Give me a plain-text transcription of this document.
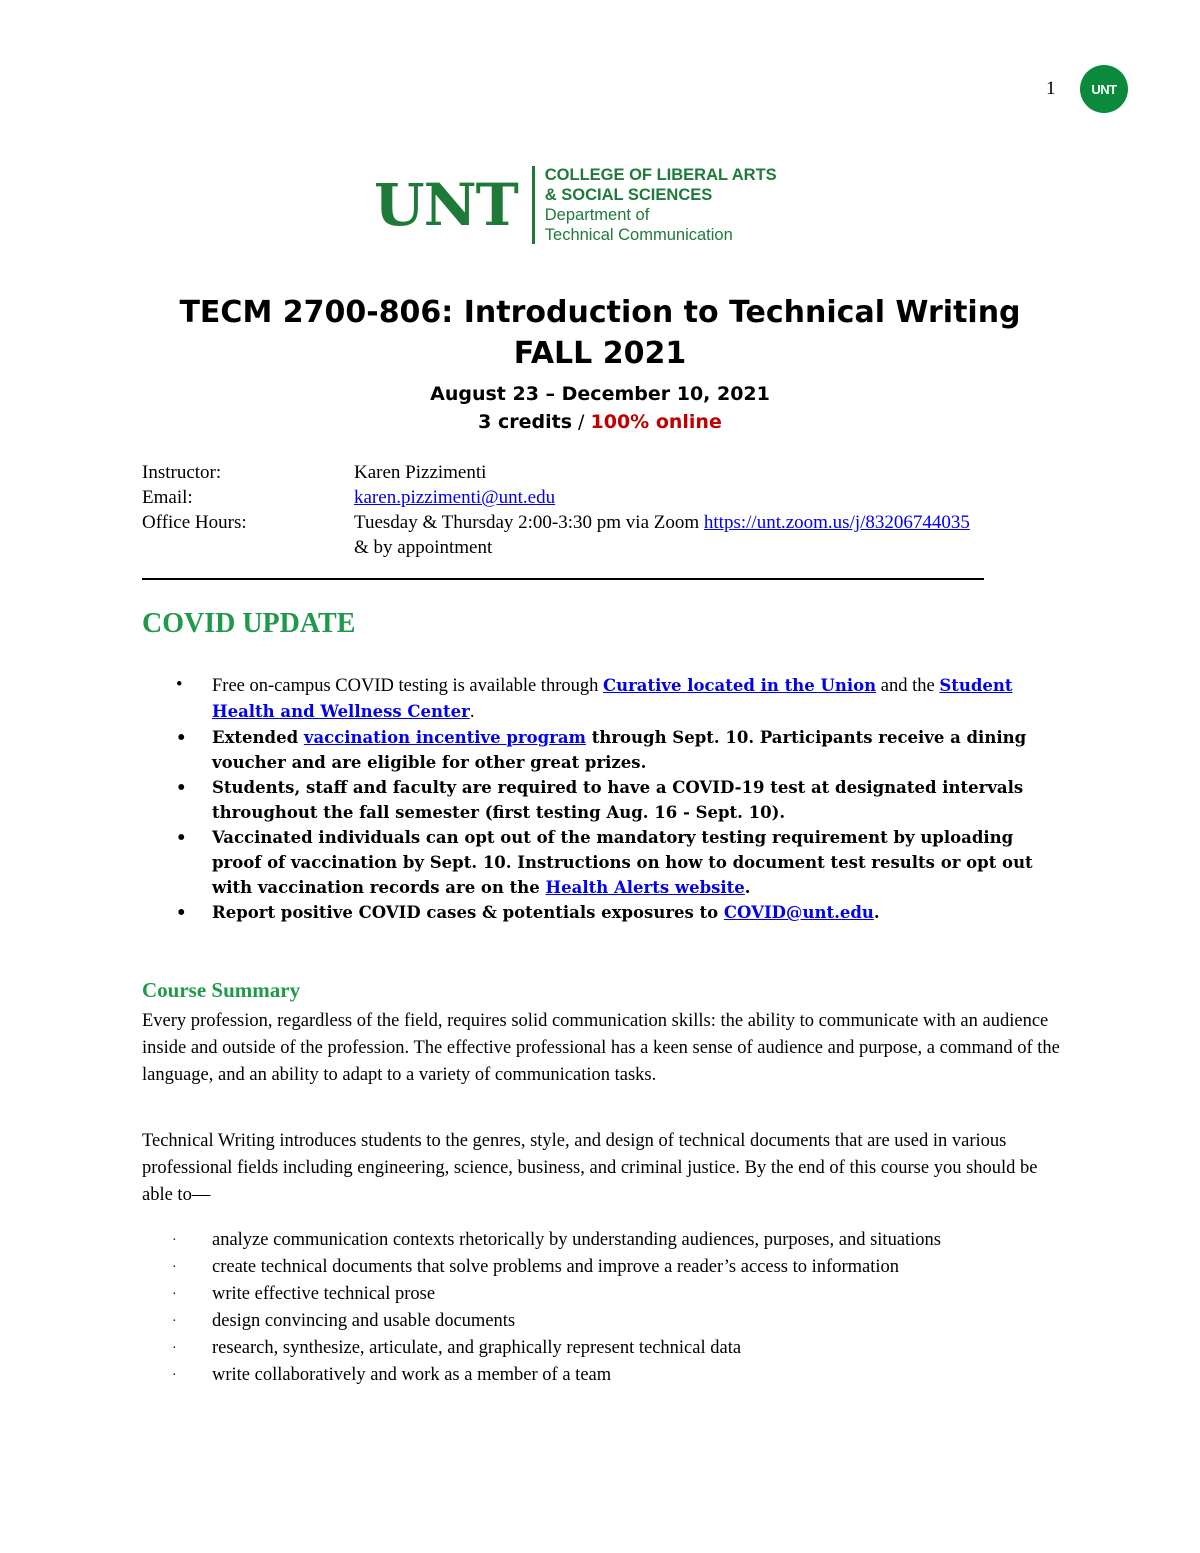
1	UNT
UNT COLLEGE OF LIBERAL ARTS
& SOCIAL SCIENCES
Department of
Technical Communication
TECM 2700-806: Introduction to Technical Writing
FALL 2021
August 23 – December 10, 2021
3 credits / 100% online
Instructor:	Karen Pizzimenti
Email:	karen.pizzimenti@unt.edu
Office Hours:	Tuesday & Thursday 2:00-3:30 pm via Zoom https://unt.zoom.us/j/83206744035
& by appointment
COVID UPDATE
• Free on-campus COVID testing is available through Curative located in the Union and the Student Health and Wellness Center.
• Extended vaccination incentive program through Sept. 10. Participants receive a dining voucher and are eligible for other great prizes.
• Students, staff and faculty are required to have a COVID-19 test at designated intervals throughout the fall semester (first testing Aug. 16 - Sept. 10).
• Vaccinated individuals can opt out of the mandatory testing requirement by uploading proof of vaccination by Sept. 10. Instructions on how to document test results or opt out with vaccination records are on the Health Alerts website.
• Report positive COVID cases & potentials exposures to COVID@unt.edu.
Course Summary
Every profession, regardless of the field, requires solid communication skills: the ability to communicate with an audience inside and outside of the profession. The effective professional has a keen sense of audience and purpose, a command of the language, and an ability to adapt to a variety of communication tasks.
Technical Writing introduces students to the genres, style, and design of technical documents that are used in various professional fields including engineering, science, business, and criminal justice. By the end of this course you should be able to—
· analyze communication contexts rhetorically by understanding audiences, purposes, and situations
· create technical documents that solve problems and improve a reader’s access to information
· write effective technical prose
· design convincing and usable documents
· research, synthesize, articulate, and graphically represent technical data
· write collaboratively and work as a member of a team
